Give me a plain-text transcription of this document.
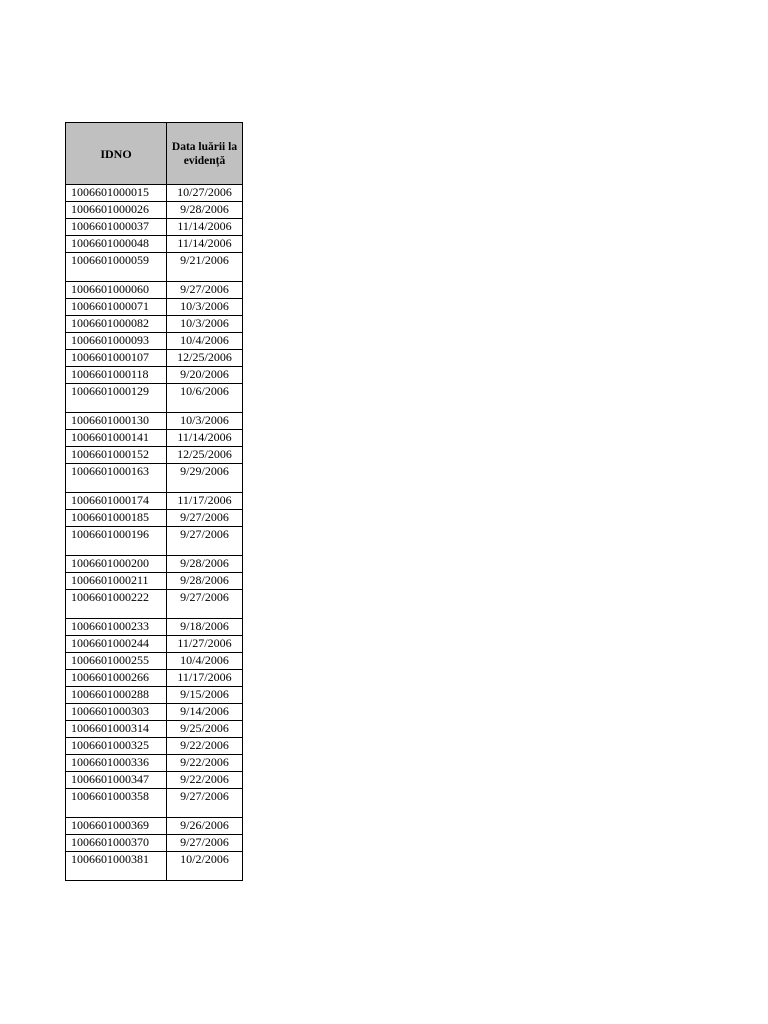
IDNO	Data luării la evidență
1006601000015	10/27/2006
1006601000026	9/28/2006
1006601000037	11/14/2006
1006601000048	11/14/2006
1006601000059	9/21/2006
1006601000060	9/27/2006
1006601000071	10/3/2006
1006601000082	10/3/2006
1006601000093	10/4/2006
1006601000107	12/25/2006
1006601000118	9/20/2006
1006601000129	10/6/2006
1006601000130	10/3/2006
1006601000141	11/14/2006
1006601000152	12/25/2006
1006601000163	9/29/2006
1006601000174	11/17/2006
1006601000185	9/27/2006
1006601000196	9/27/2006
1006601000200	9/28/2006
1006601000211	9/28/2006
1006601000222	9/27/2006
1006601000233	9/18/2006
1006601000244	11/27/2006
1006601000255	10/4/2006
1006601000266	11/17/2006
1006601000288	9/15/2006
1006601000303	9/14/2006
1006601000314	9/25/2006
1006601000325	9/22/2006
1006601000336	9/22/2006
1006601000347	9/22/2006
1006601000358	9/27/2006
1006601000369	9/26/2006
1006601000370	9/27/2006
1006601000381	10/2/2006
